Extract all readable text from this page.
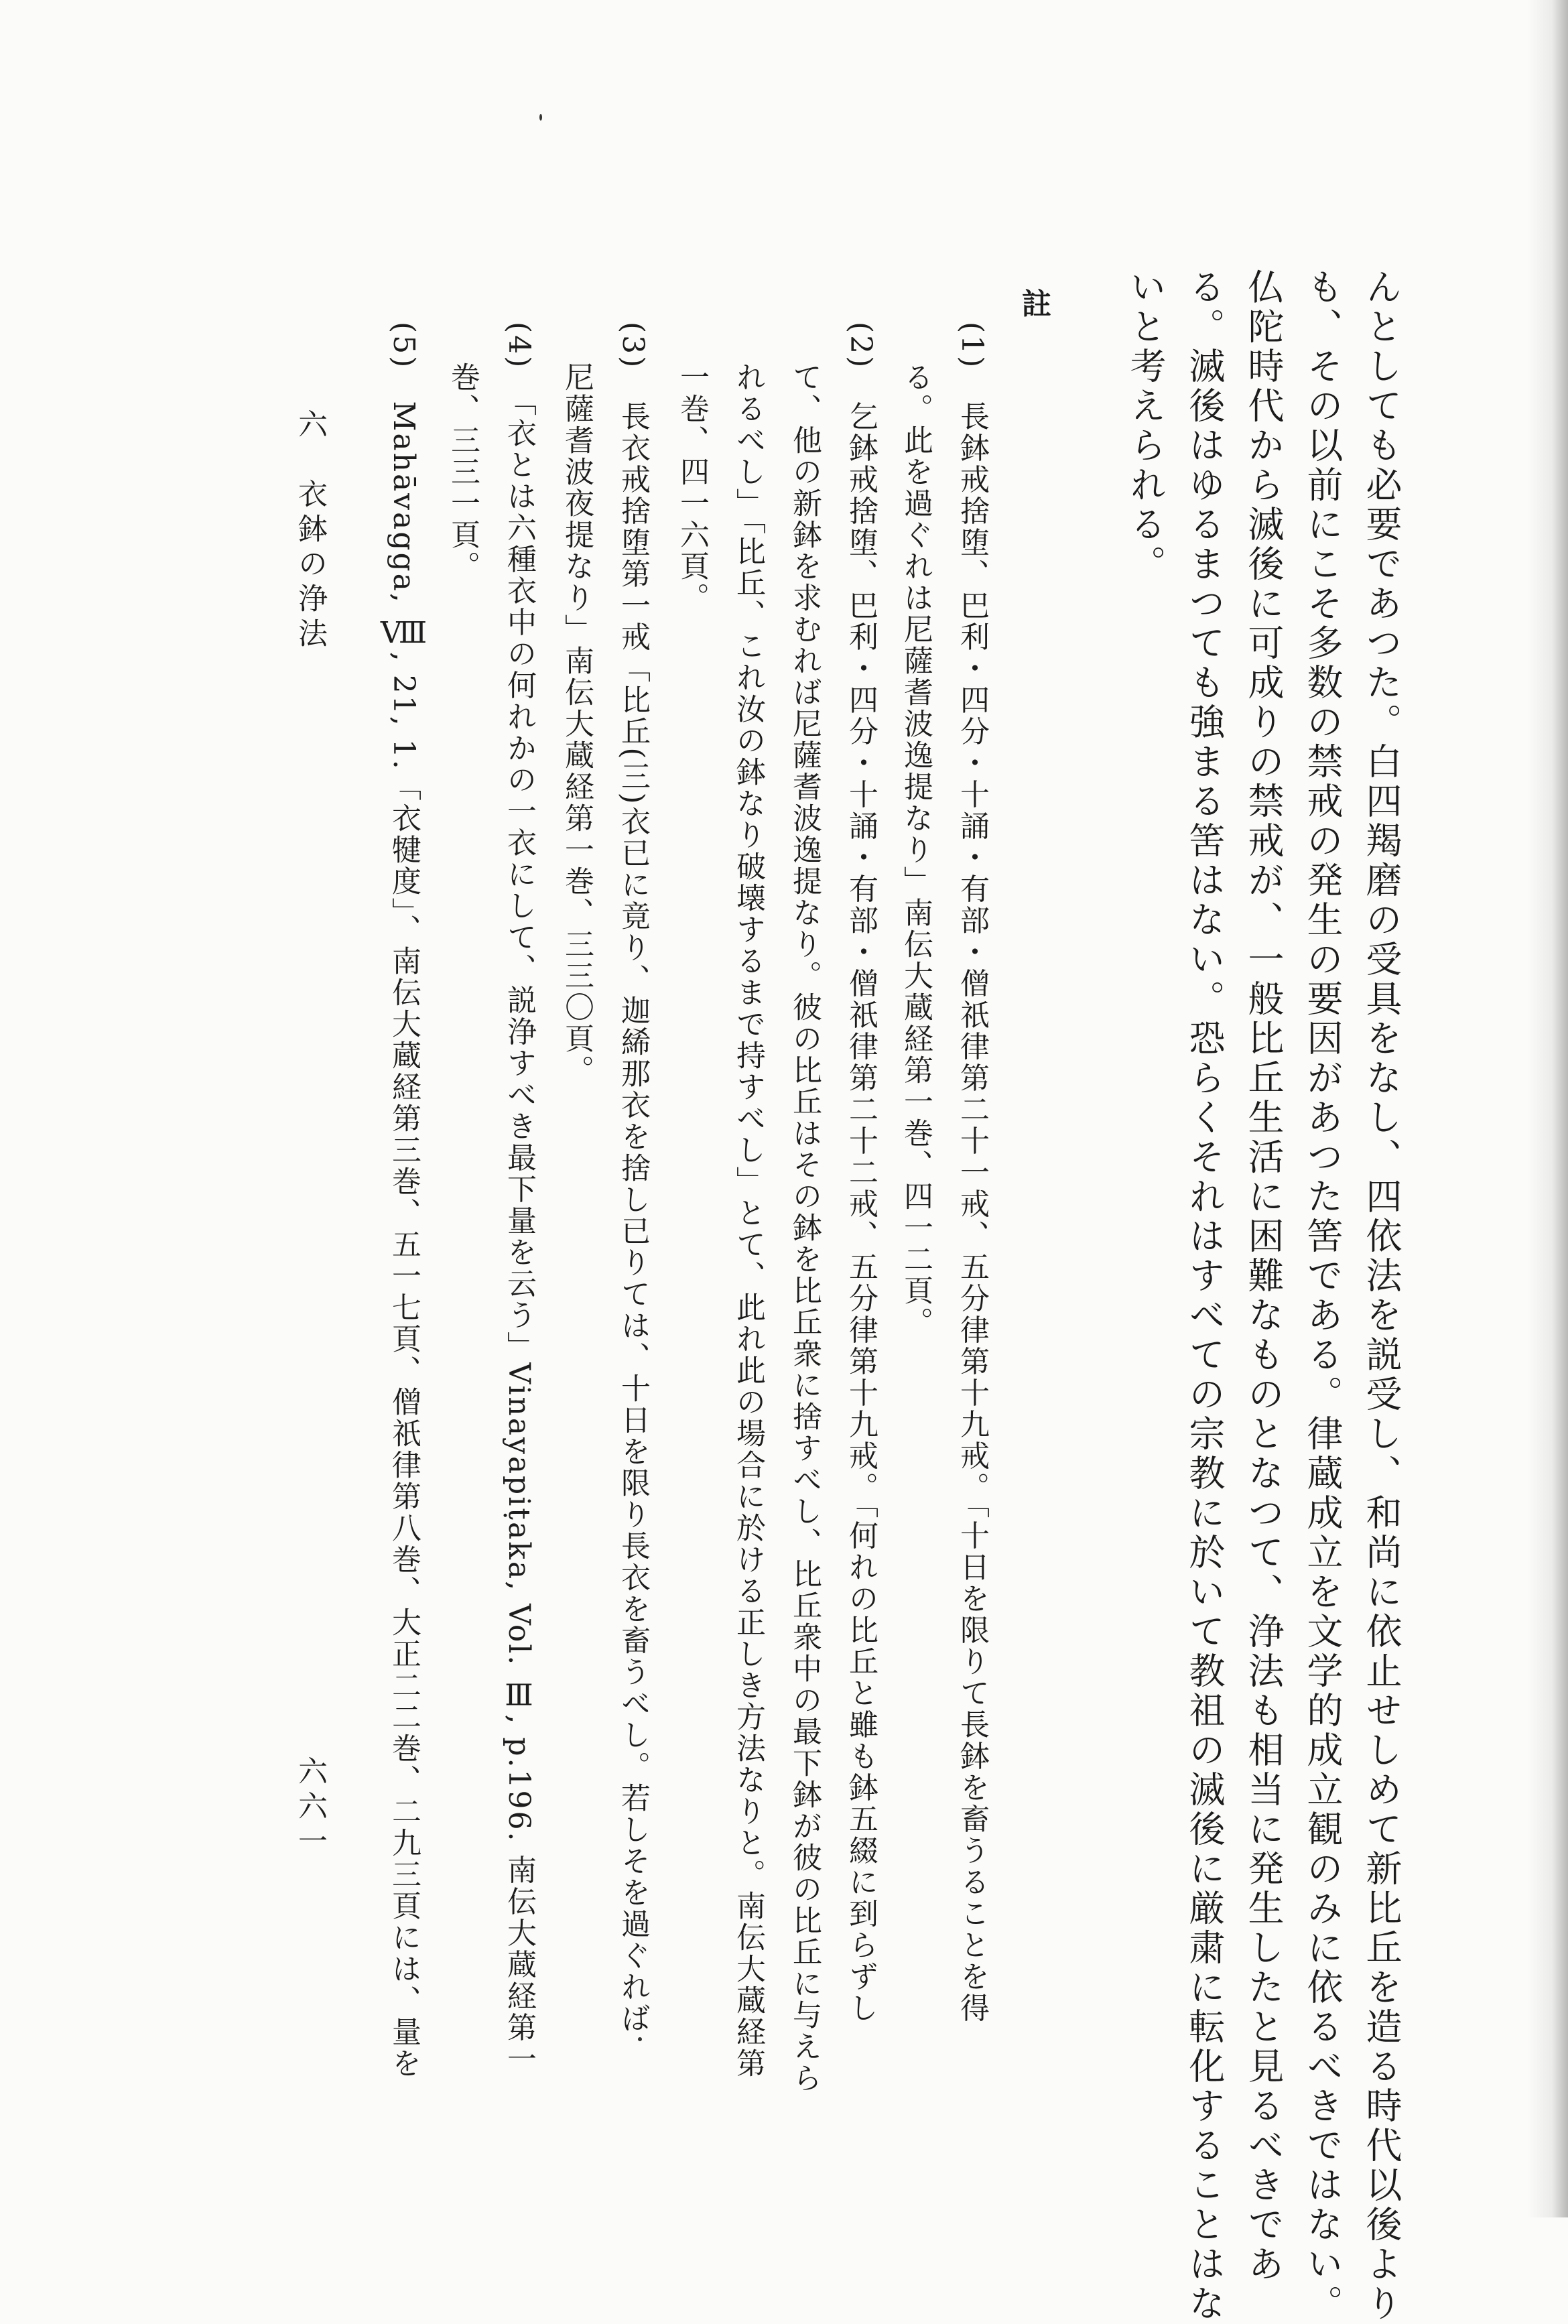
んとしても必要であつた。白四羯磨の受具をなし、四依法を説受し、和尚に依止せしめて新比丘を造る時代以後より
も、その以前にこそ多数の禁戒の発生の要因があつた筈である。律蔵成立を文学的成立観のみに依るべきではない。
仏陀時代から滅後に可成りの禁戒が、一般比丘生活に困難なものとなつて、浄法も相当に発生したと見るべきであ
る。滅後はゆるまつても強まる筈はない。恐らくそれはすべての宗教に於いて教祖の滅後に厳粛に転化することはな
いと考えられる。
註
(1)　長鉢戒捨堕、巴利・四分・十誦・有部・僧祇律第二十一戒、五分律第十九戒。「十日を限りて長鉢を畜うることを得
る。此を過ぐれは尼薩耆波逸提なり」南伝大蔵経第一巻、四一二頁。
(2)　乞鉢戒捨堕、巴利・四分・十誦・有部・僧祇律第二十二戒、五分律第十九戒。「何れの比丘と雖も鉢五綴に到らずし
て、他の新鉢を求むれば尼薩耆波逸提なり。彼の比丘はその鉢を比丘衆に捨すべし、比丘衆中の最下鉢が彼の比丘に与えら
れるべし」「比丘、これ汝の鉢なり破壊するまで持すべし」とて、此れ此の場合に於ける正しき方法なりと。南伝大蔵経第
一巻、四一六頁。
(3)　長衣戒捨堕第一戒「比丘(三)衣已に竟り、迦絺那衣を捨し已りては、十日を限り長衣を畜うべし。若しそを過ぐれば
尼薩耆波夜提なり」南伝大蔵経第一巻、三三〇頁。
(4)　「衣とは六種衣中の何れかの一衣にして、説浄すべき最下量を云う」Vinayapiṭaka, Vol. Ⅲ, p.196. 南伝大蔵経第一
巻、三三一頁。
(5)　Mahāvagga, Ⅷ, 21, 1.「衣犍度」、南伝大蔵経第三巻、五一七頁、僧祇律第八巻、大正二二巻、二九三頁には、量を
六　衣鉢の浄法
六六一
